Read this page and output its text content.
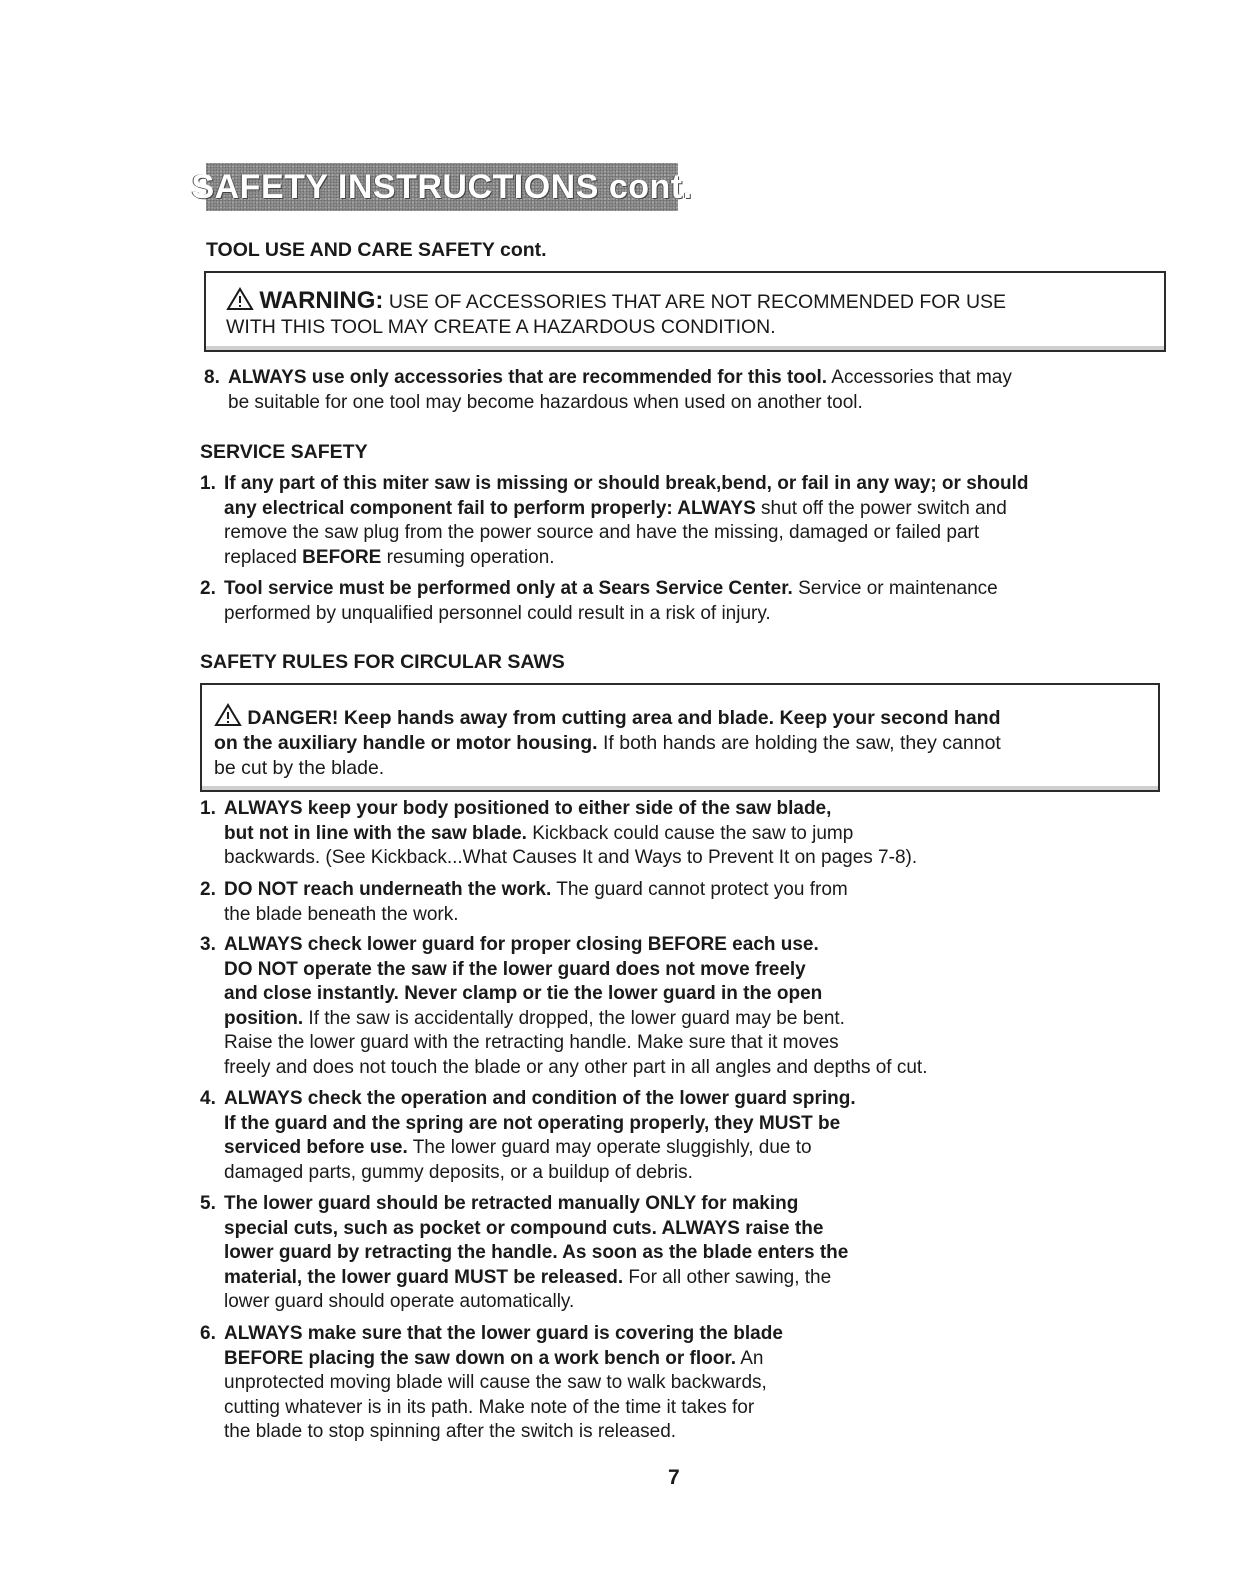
SAFETY INSTRUCTIONS cont.
TOOL USE AND CARE SAFETY cont.
WARNING: USE OF ACCESSORIES THAT ARE NOT RECOMMENDED FOR USE
WITH THIS TOOL MAY CREATE A HAZARDOUS CONDITION.
8. ALWAYS use only accessories that are recommended for this tool. Accessories that may
be suitable for one tool may become hazardous when used on another tool.
SERVICE SAFETY
1. If any part of this miter saw is missing or should break,bend, or fail in any way; or should
any electrical component fail to perform properly: ALWAYS shut off the power switch and
remove the saw plug from the power source and have the missing, damaged or failed part
replaced BEFORE resuming operation.
2. Tool service must be performed only at a Sears Service Center. Service or maintenance
performed by unqualified personnel could result in a risk of injury.
SAFETY RULES FOR CIRCULAR SAWS
DANGER! Keep hands away from cutting area and blade. Keep your second hand
on the auxiliary handle or motor housing. If both hands are holding the saw, they cannot
be cut by the blade.
1. ALWAYS keep your body positioned to either side of the saw blade,
but not in line with the saw blade. Kickback could cause the saw to jump
backwards. (See Kickback...What Causes It and Ways to Prevent It on pages 7-8).
2. DO NOT reach underneath the work. The guard cannot protect you from
the blade beneath the work.
3. ALWAYS check lower guard for proper closing BEFORE each use.
DO NOT operate the saw if the lower guard does not move freely
and close instantly. Never clamp or tie the lower guard in the open
position. If the saw is accidentally dropped, the lower guard may be bent.
Raise the lower guard with the retracting handle. Make sure that it moves
freely and does not touch the blade or any other part in all angles and depths of cut.
4. ALWAYS check the operation and condition of the lower guard spring.
If the guard and the spring are not operating properly, they MUST be
serviced before use. The lower guard may operate sluggishly, due to
damaged parts, gummy deposits, or a buildup of debris.
5. The lower guard should be retracted manually ONLY for making
special cuts, such as pocket or compound cuts. ALWAYS raise the
lower guard by retracting the handle. As soon as the blade enters the
material, the lower guard MUST be released. For all other sawing, the
lower guard should operate automatically.
6. ALWAYS make sure that the lower guard is covering the blade
BEFORE placing the saw down on a work bench or floor. An
unprotected moving blade will cause the saw to walk backwards,
cutting whatever is in its path. Make note of the time it takes for
the blade to stop spinning after the switch is released.
7
